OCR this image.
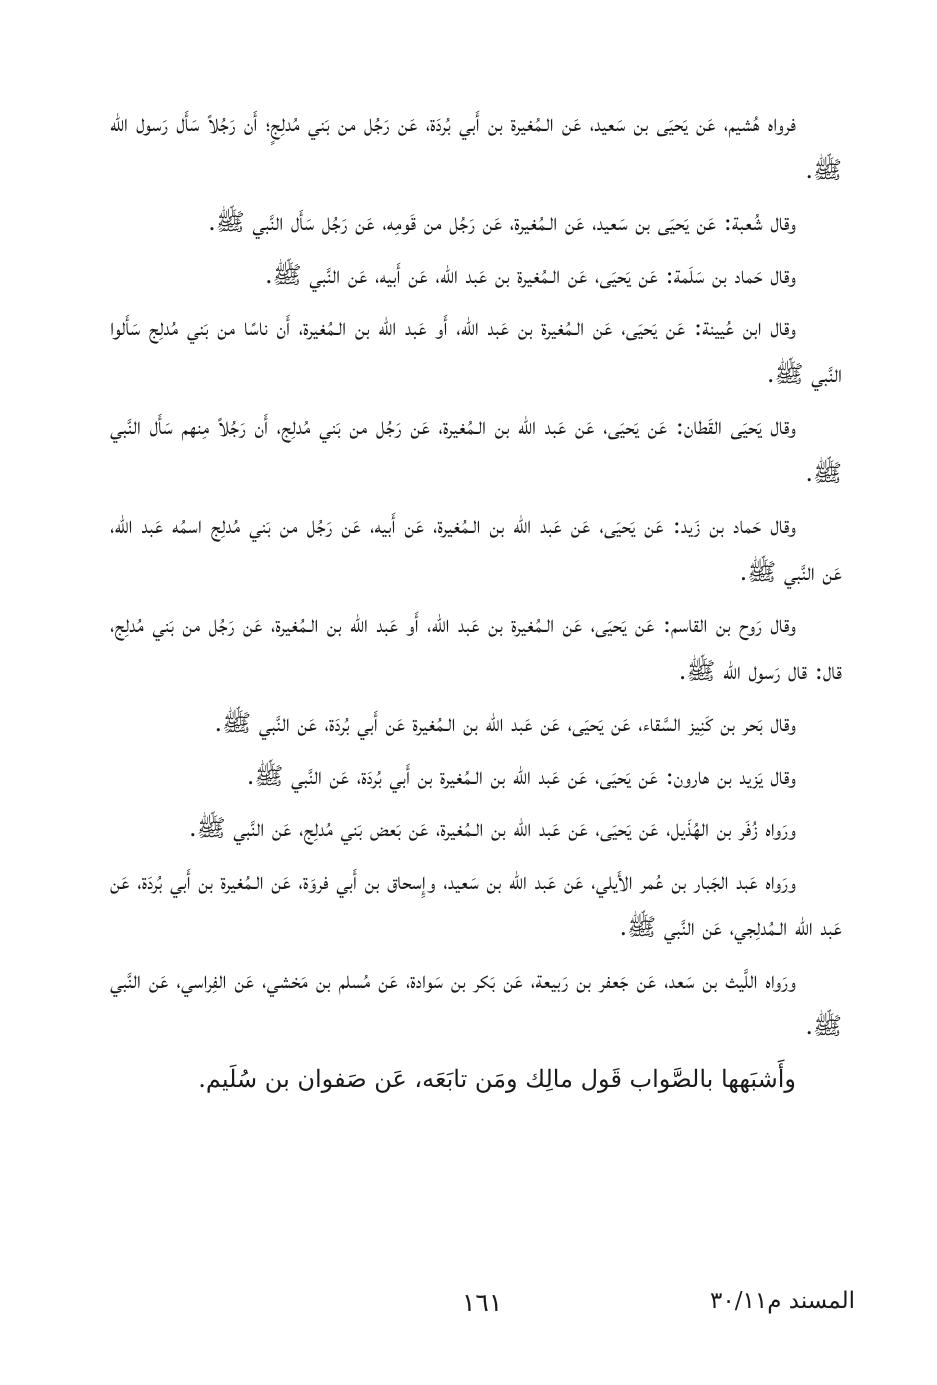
فرواه هُشيم، عَن يَحيَى بن سَعيد، عَن الـمُغيرة بن أَبي بُردَة، عَن رَجُل من بَني مُدلِجٍ؛ أَن رَجُلاً سَأَل رَسول الله ﷺ.

وقال شُعبة: عَن يَحيَى بن سَعيد، عَن الـمُغيرة، عَن رَجُل من قَومِه، عَن رَجُل سَأَل النَّبي ﷺ.

وقال حَماد بن سَلَمة: عَن يَحيَى، عَن الـمُغيرة بن عَبد الله، عَن أَبيه، عَن النَّبي ﷺ.

وقال ابن عُيينة: عَن يَحيَى، عَن الـمُغيرة بن عَبد الله، أَو عَبد الله بن الـمُغيرة، أَن ناسًا من بَني مُدلِج سَأَلوا النَّبي ﷺ.

وقال يَحيَى القَطان: عَن يَحيَى، عَن عَبد الله بن الـمُغيرة، عَن رَجُل من بَني مُدلِج، أَن رَجُلاً مِنهم سَأَل النَّبي ﷺ.

وقال حَماد بن زَيد: عَن يَحيَى، عَن عَبد الله بن الـمُغيرة، عَن أَبيه، عَن رَجُل من بَني مُدلِج اسمُه عَبد الله، عَن النَّبي ﷺ.

وقال رَوح بن القاسم: عَن يَحيَى، عَن الـمُغيرة بن عَبد الله، أَو عَبد الله بن الـمُغيرة، عَن رَجُل من بَني مُدلِج، قال: قال رَسول الله ﷺ.

وقال بَحر بن كَنِيز السَّقاء، عَن يَحيَى، عَن عَبد الله بن الـمُغيرة عَن أَبي بُردَة، عَن النَّبي ﷺ.

وقال يَزيد بن هارون: عَن يَحيَى، عَن عَبد الله بن الـمُغيرة بن أَبي بُردَة، عَن النَّبي ﷺ.

ورَواه زُفَر بن الهُذَيل، عَن يَحيَى، عَن عَبد الله بن الـمُغيرة، عَن بَعض بَني مُدلِج، عَن النَّبي ﷺ.

ورَواه عَبد الجَبار بن عُمر الأَيلي، عَن عَبد الله بن سَعيد، وإِسحاق بن أَبي فروَة، عَن الـمُغيرة بن أَبي بُردَة، عَن عَبد الله الـمُدلِجي، عَن النَّبي ﷺ.

ورَواه اللَّيث بن سَعد، عَن جَعفر بن رَبيعة، عَن بَكر بن سَوادة، عَن مُسلم بن مَخشي، عَن الفِراسي، عَن النَّبي ﷺ.

وأَشبَهها بالصَّواب قَول مالِك ومَن تابَعَه، عَن صَفوان بن سُلَيم.

المسند م٣٠/١١
١٦١
